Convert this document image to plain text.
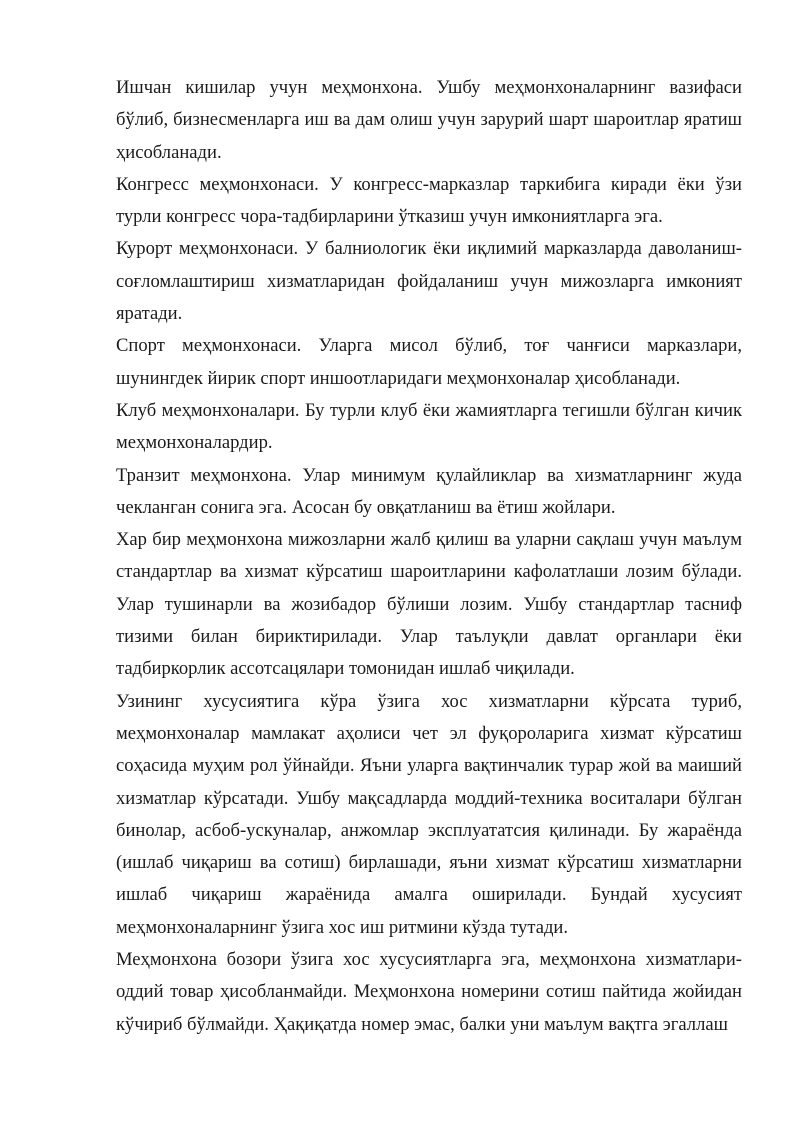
Ишчан кишилар учун меҳмонхона. Ушбу меҳмонхоналарнинг вазифаси бўлиб, бизнесменларга иш ва дам олиш учун зарурий шарт шароитлар яратиш ҳисобланади.

Конгресс меҳмонхонаси. У конгресс-марказлар таркибига киради ёки ўзи турли конгресс чора-тадбирларини ўтказиш учун имкониятларга эга.

Курорт меҳмонхонаси. У балниологик ёки иқлимий марказларда даволаниш-соғломлаштириш хизматларидан фойдаланиш учун мижозларга имконият яратади.

Спорт меҳмонхонаси. Уларга мисол бўлиб, тоғ чанғиси марказлари, шунингдек йирик спорт иншоотларидаги меҳмонхоналар ҳисобланади.

Клуб меҳмонхоналари. Бу турли клуб ёки жамиятларга тегишли бўлган кичик меҳмонхоналардир.

Транзит меҳмонхона. Улар минимум қулайликлар ва хизматларнинг жуда чекланган сонига эга. Асосан бу овқатланиш ва ётиш жойлари.

Хар бир меҳмонхона мижозларни жалб қилиш ва уларни сақлаш учун маълум стандартлар ва хизмат кўрсатиш шароитларини кафолатлаши лозим бўлади. Улар тушинарли ва жозибадор бўлиши лозим. Ушбу стандартлар тасниф тизими билан бириктирилади. Улар таълуқли давлат органлари ёки тадбиркорлик ассотсацялари томонидан ишлаб чиқилади.

Узининг хусусиятига кўра ўзига хос хизматларни кўрсата туриб, меҳмонхоналар мамлакат аҳолиси чет эл фуқороларига хизмат кўрсатиш соҳасида муҳим рол ўйнайди. Яъни уларга вақтинчалик турар жой ва маиший хизматлар кўрсатади. Ушбу мақсадларда моддий-техника воситалари бўлган бинолар, асбоб-ускуналар, анжомлар эксплуататсия қилинади. Бу жараёнда (ишлаб чиқариш ва сотиш) бирлашади, яъни хизмат кўрсатиш хизматларни ишлаб чиқариш жараёнида амалга оширилади. Бундай хусусият меҳмонхоналарнинг ўзига хос иш ритмини кўзда тутади.

Меҳмонхона бозори ўзига хос хусусиятларга эга, меҳмонхона хизматлари-оддий товар ҳисобланмайди. Меҳмонхона номерини сотиш пайтида жойидан кўчириб бўлмайди. Ҳақиқатда номер эмас, балки уни маълум вақтга эгаллаш
